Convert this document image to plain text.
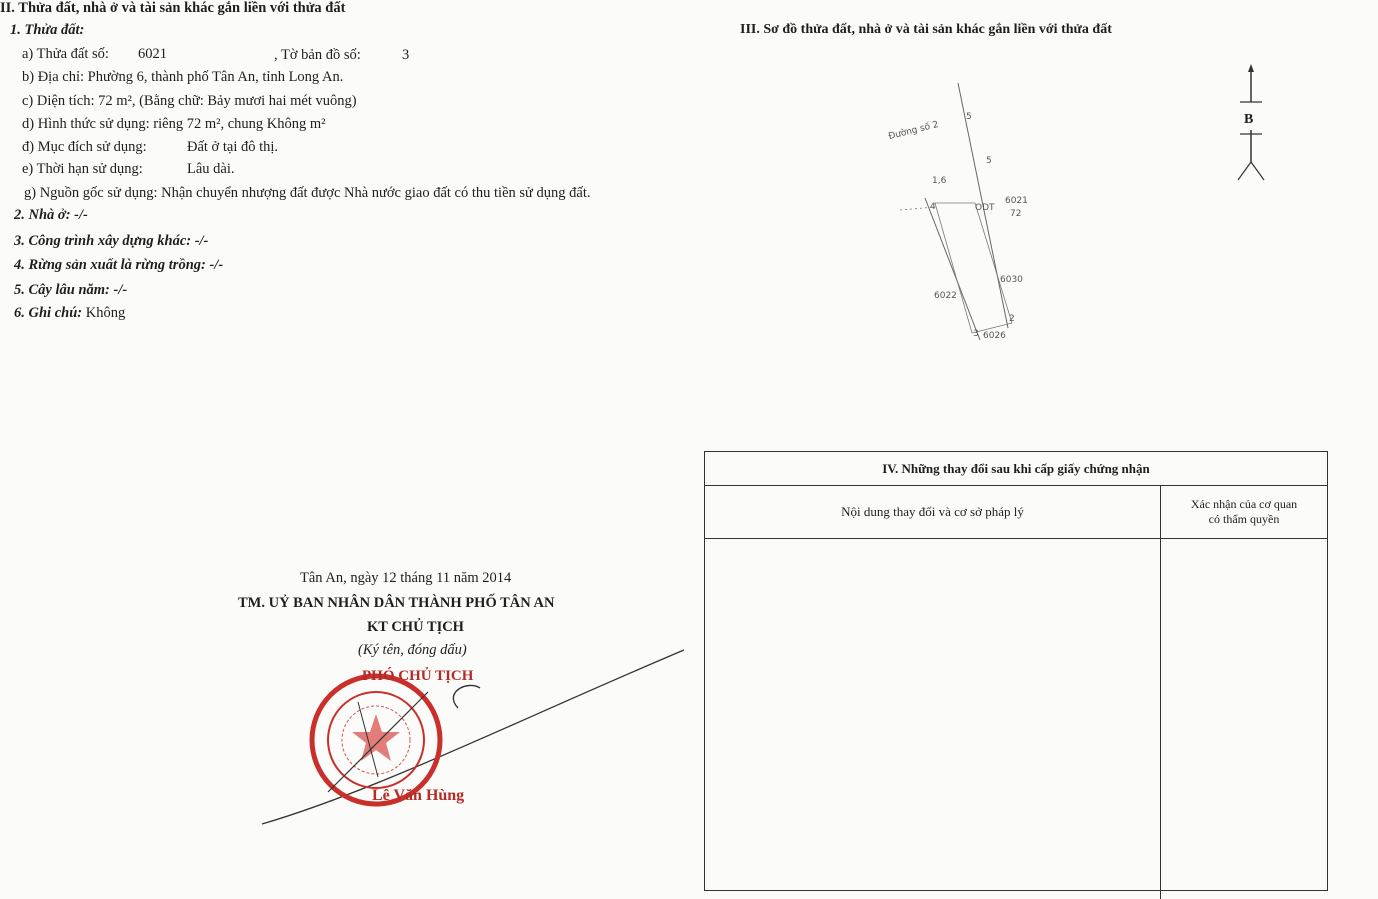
II. Thửa đất, nhà ở và tài sản khác gắn liền với thửa đất
1. Thửa đất:
a) Thửa đất số: 6021	, Tờ bản đồ số:	3
b) Địa chỉ: Phường 6, thành phố Tân An, tỉnh Long An.
c) Diện tích: 72 m², (Bằng chữ: Bảy mươi hai mét vuông)
d) Hình thức sử dụng: riêng 72 m², chung Không m²
đ) Mục đích sử dụng:	Đất ở tại đô thị.
e) Thời hạn sử dụng:	Lâu dài.
g) Nguồn gốc sử dụng: Nhận chuyển nhượng đất được Nhà nước giao đất có thu tiền sử dụng đất.
2. Nhà ở: -/-
3. Công trình xây dựng khác: -/-
4. Rừng sản xuất là rừng trồng: -/-
5. Cây lâu năm: -/-
6. Ghi chú: Không
III. Sơ đồ thửa đất, nhà ở và tài sản khác gắn liền với thửa đất
Đường số 2
5
5
1,6
4	ODT
6021
72
6030
6022
2
3 6026
B
IV. Những thay đổi sau khi cấp giấy chứng nhận
Nội dung thay đổi và cơ sở pháp lý	Xác nhận của cơ quan
có thẩm quyền
Tân An, ngày 12 tháng 11 năm 2014
TM. UỶ BAN NHÂN DÂN THÀNH PHỐ TÂN AN
KT CHỦ TỊCH
(Ký tên, đóng dấu)
PHÓ CHỦ TỊCH
Lê Văn Hùng
